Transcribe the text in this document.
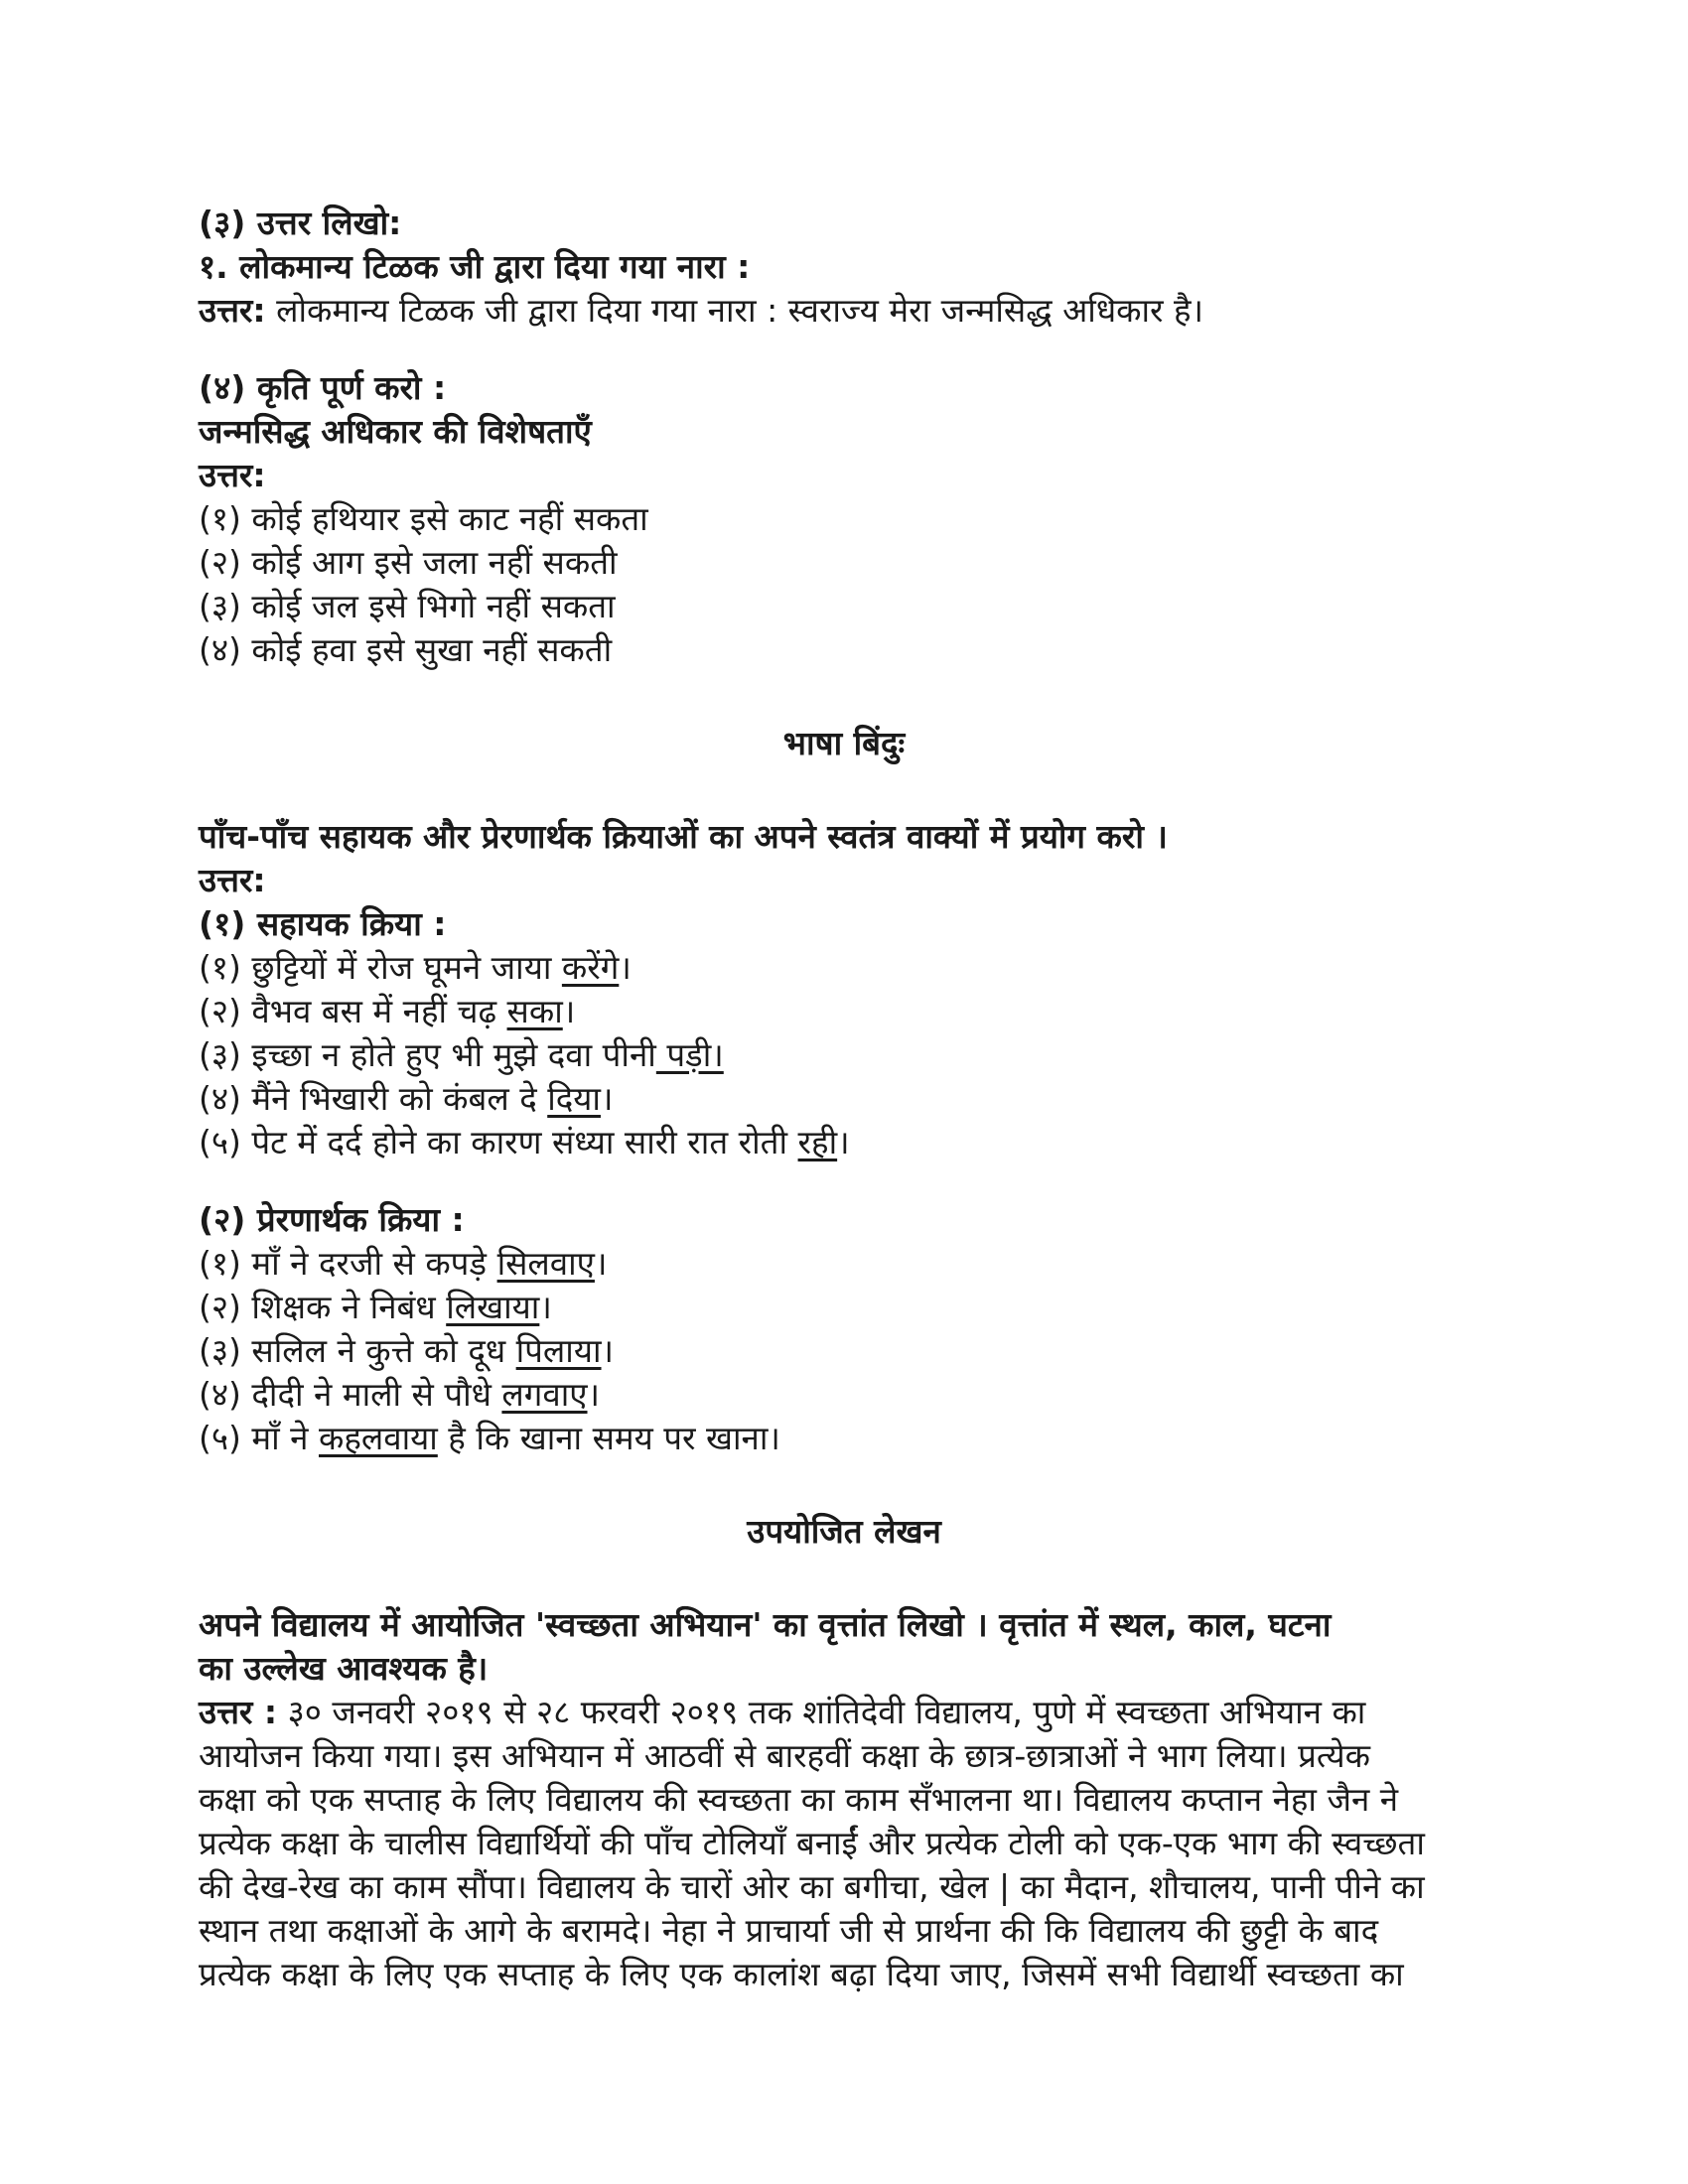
(३) उत्तर लिखो:

१. लोकमान्य टिळक जी द्वारा दिया गया नारा :

उत्तर: लोकमान्य टिळक जी द्वारा दिया गया नारा : स्वराज्य मेरा जन्मसिद्ध अधिकार है।

(४) कृति पूर्ण करो :

जन्मसिद्ध अधिकार की विशेषताएँ

उत्तर:

(१) कोई हथियार इसे काट नहीं सकता

(२) कोई आग इसे जला नहीं सकती

(३) कोई जल इसे भिगो नहीं सकता

(४) कोई हवा इसे सुखा नहीं सकती

भाषा बिंदुः

पाँच-पाँच सहायक और प्रेरणार्थक क्रियाओं का अपने स्वतंत्र वाक्यों में प्रयोग करो ।

उत्तर:

(१) सहायक क्रिया :

(१) छुट्टियों में रोज घूमने जाया करेंगे।

(२) वैभव बस में नहीं चढ़ सका।

(३) इच्छा न होते हुए भी मुझे दवा पीनी पड़ी।

(४) मैंने भिखारी को कंबल दे दिया।

(५) पेट में दर्द होने का कारण संध्या सारी रात रोती रही।

(२) प्रेरणार्थक क्रिया :

(१) माँ ने दरजी से कपड़े सिलवाए।

(२) शिक्षक ने निबंध लिखाया।

(३) सलिल ने कुत्ते को दूध पिलाया।

(४) दीदी ने माली से पौधे लगवाए।

(५) माँ ने कहलवाया है कि खाना समय पर खाना।

उपयोजित लेखन

अपने विद्यालय में आयोजित 'स्वच्छता अभियान' का वृत्तांत लिखो । वृत्तांत में स्थल, काल, घटना

का उल्लेख आवश्यक है।

उत्तर : ३० जनवरी २०१९ से २८ फरवरी २०१९ तक शांतिदेवी विद्यालय, पुणे में स्वच्छता अभियान का

आयोजन किया गया। इस अभियान में आठवीं से बारहवीं कक्षा के छात्र-छात्राओं ने भाग लिया। प्रत्येक

कक्षा को एक सप्ताह के लिए विद्यालय की स्वच्छता का काम सँभालना था। विद्यालय कप्तान नेहा जैन ने

प्रत्येक कक्षा के चालीस विद्यार्थियों की पाँच टोलियाँ बनाईं और प्रत्येक टोली को एक-एक भाग की स्वच्छता

की देख-रेख का काम सौंपा। विद्यालय के चारों ओर का बगीचा, खेल | का मैदान, शौचालय, पानी पीने का

स्थान तथा कक्षाओं के आगे के बरामदे। नेहा ने प्राचार्या जी से प्रार्थना की कि विद्यालय की छुट्टी के बाद

प्रत्येक कक्षा के लिए एक सप्ताह के लिए एक कालांश बढ़ा दिया जाए, जिसमें सभी विद्यार्थी स्वच्छता का
